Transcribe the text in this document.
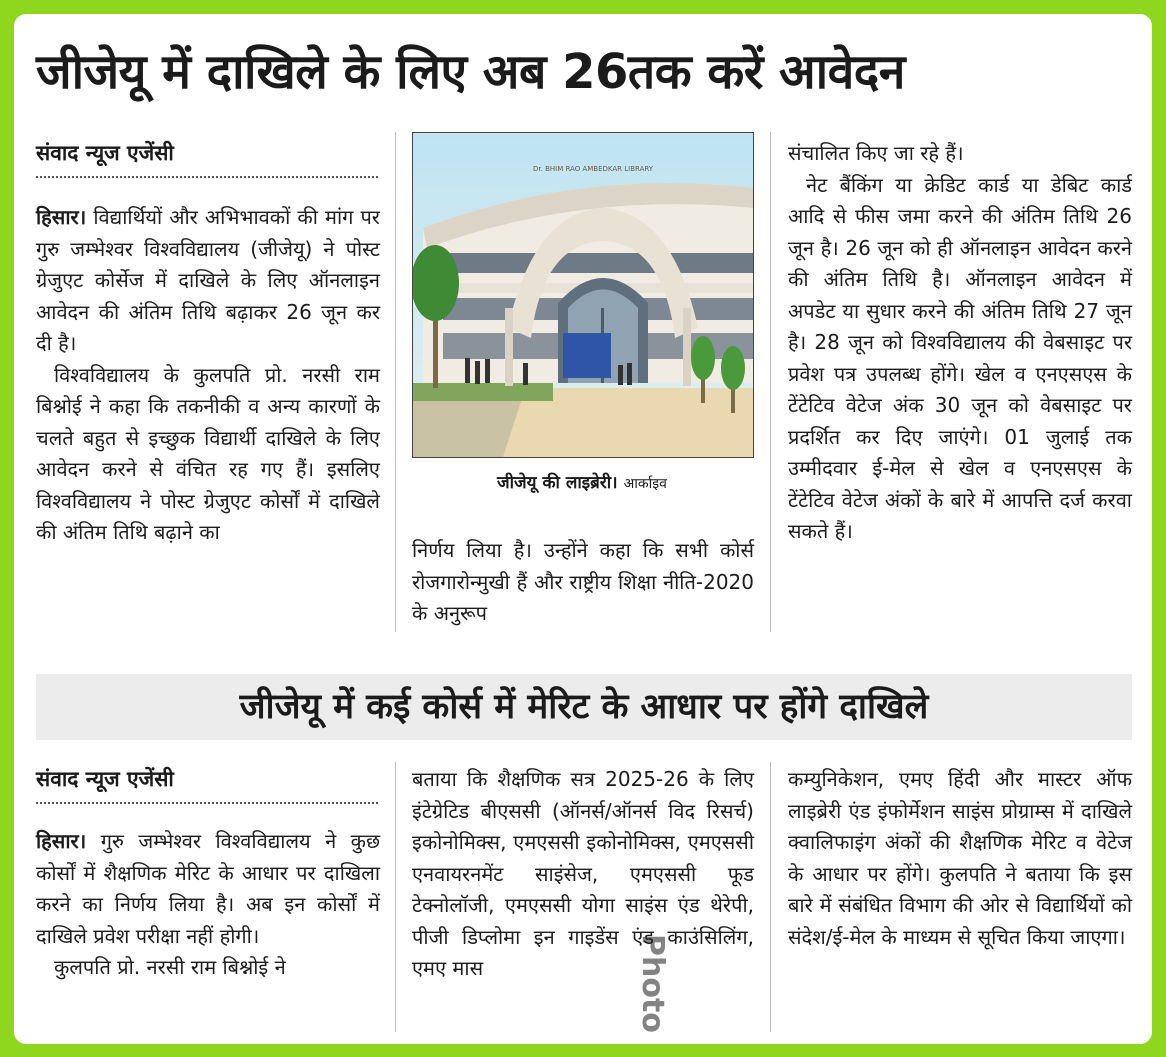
जीजेयू में दाखिले के लिए अब 26तक करें आवेदन
संवाद न्यूज एजेंसी

हिसार। विद्यार्थियों और अभिभावकों की मांग पर गुरु जम्भेश्वर विश्वविद्यालय (जीजेयू) ने पोस्ट ग्रेजुएट कोर्सेज में दाखिले के लिए ऑनलाइन आवेदन की अंतिम तिथि बढ़ाकर 26 जून कर दी है।

विश्वविद्यालय के कुलपति प्रो. नरसी राम बिश्नोई ने कहा कि तकनीकी व अन्य कारणों के चलते बहुत से इच्छुक विद्यार्थी दाखिले के लिए आवेदन करने से वंचित रह गए हैं। इसलिए विश्वविद्यालय ने पोस्ट ग्रेजुएट कोर्सों में दाखिले की अंतिम तिथि बढ़ाने का

Dr. BHIM RAO AMBEDKAR LIBRARY
जीजेयू की लाइब्रेरी। आर्काइव

निर्णय लिया है। उन्होंने कहा कि सभी कोर्स रोजगारोन्मुखी हैं और राष्ट्रीय शिक्षा नीति-2020 के अनुरूप

संचालित किए जा रहे हैं।

नेट बैंकिंग या क्रेडिट कार्ड या डेबिट कार्ड आदि से फीस जमा करने की अंतिम तिथि 26 जून है। 26 जून को ही ऑनलाइन आवेदन करने की अंतिम तिथि है। ऑनलाइन आवेदन में अपडेट या सुधार करने की अंतिम तिथि 27 जून है। 28 जून को विश्वविद्यालय की वेबसाइट पर प्रवेश पत्र उपलब्ध होंगे। खेल व एनएसएस के टेंटेटिव वेटेज अंक 30 जून को वेबसाइट पर प्रदर्शित कर दिए जाएंगे। 01 जुलाई तक उम्मीदवार ई-मेल से खेल व एनएसएस के टेंटेटिव वेटेज अंकों के बारे में आपत्ति दर्ज करवा सकते हैं।

जीजेयू में कई कोर्स में मेरिट के आधार पर होंगे दाखिले
संवाद न्यूज एजेंसी

हिसार। गुरु जम्भेश्वर विश्वविद्यालय ने कुछ कोर्सों में शैक्षणिक मेरिट के आधार पर दाखिला करने का निर्णय लिया है। अब इन कोर्सों में दाखिले प्रवेश परीक्षा नहीं होगी।

कुलपति प्रो. नरसी राम बिश्नोई ने

बताया कि शैक्षणिक सत्र 2025-26 के लिए इंटेग्रेटिड बीएससी (ऑनर्स/ऑनर्स विद रिसर्च) इकोनोमिक्स, एमएससी इकोनोमिक्स, एमएससी एनवायरनमेंट साइंसेज, एमएससी फूड टेक्नोलॉजी, एमएससी योगा साइंस एंड थेरेपी, पीजी डिप्लोमा इन गाइडेंस एंड काउंसिलिंग, एमए मास

कम्युनिकेशन, एमए हिंदी और मास्टर ऑफ लाइब्रेरी एंड इंफोर्मेशन साइंस प्रोग्राम्स में दाखिले क्वालिफाइंग अंकों की शैक्षणिक मेरिट व वेटेज के आधार पर होंगे। कुलपति ने बताया कि इस बारे में संबंधित विभाग की ओर से विद्यार्थियों को संदेश/ई-मेल के माध्यम से सूचित किया जाएगा।

Photo
